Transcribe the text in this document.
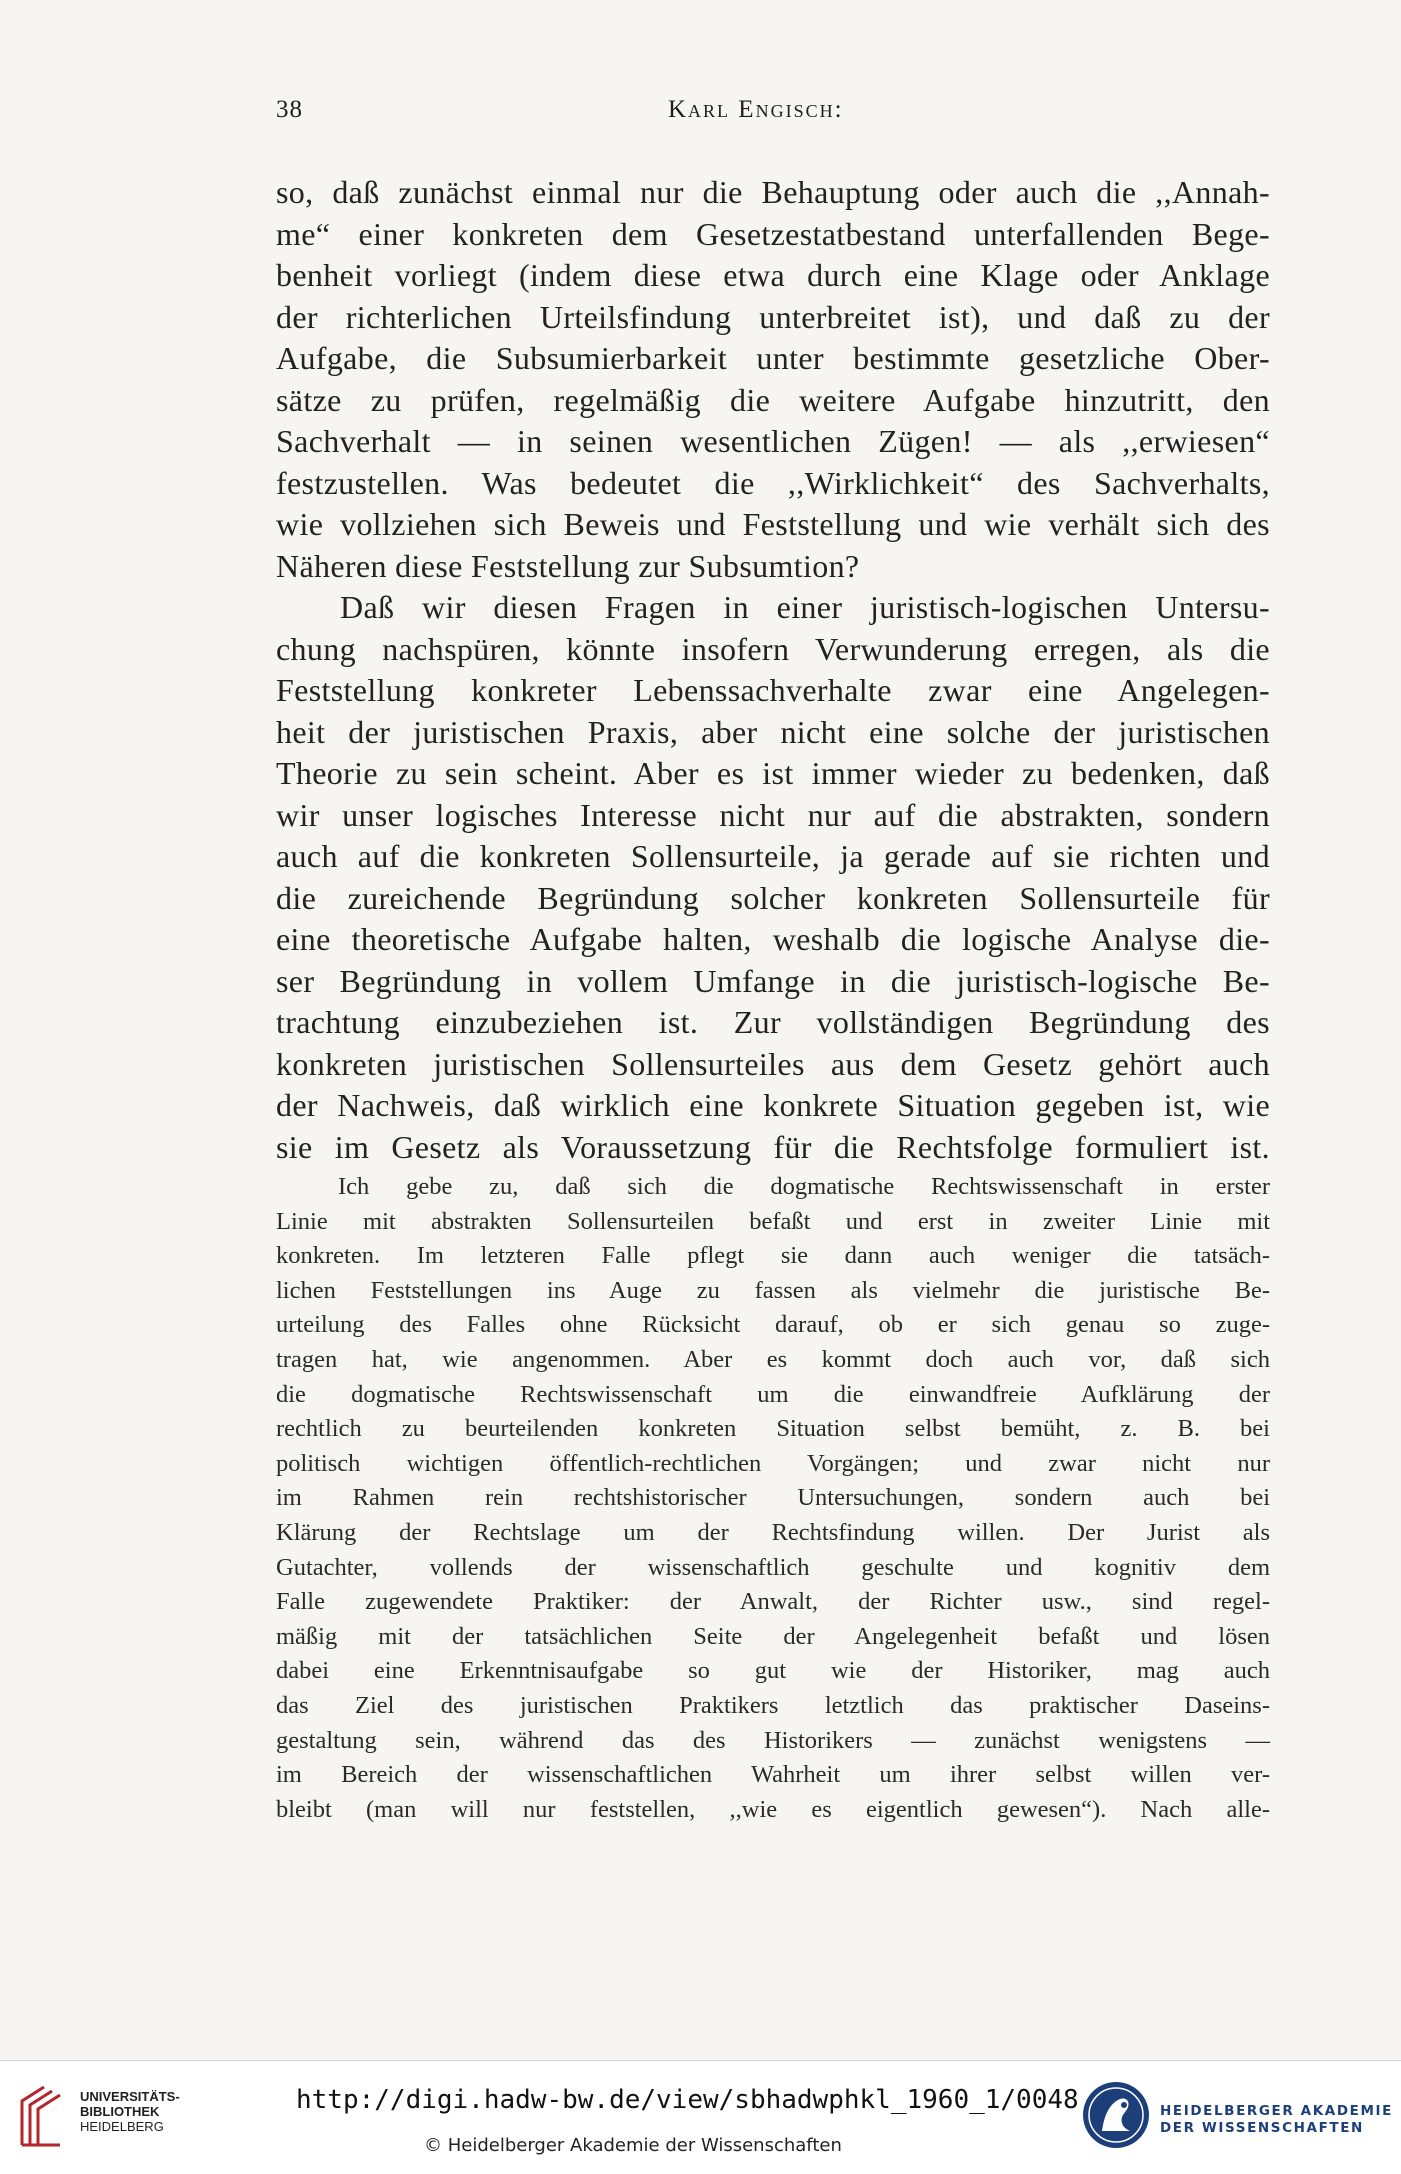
38	Karl Engisch:
so, daß zunächst einmal nur die Behauptung oder auch die ,,Annah-
me“ einer konkreten dem Gesetzestatbestand unterfallenden Bege-
benheit vorliegt (indem diese etwa durch eine Klage oder Anklage
der richterlichen Urteilsfindung unterbreitet ist), und daß zu der
Aufgabe, die Subsumierbarkeit unter bestimmte gesetzliche Ober-
sätze zu prüfen, regelmäßig die weitere Aufgabe hinzutritt, den
Sachverhalt — in seinen wesentlichen Zügen! — als ,,erwiesen“
festzustellen. Was bedeutet die ,,Wirklichkeit“ des Sachverhalts,
wie vollziehen sich Beweis und Feststellung und wie verhält sich des
Näheren diese Feststellung zur Subsumtion?
Daß wir diesen Fragen in einer juristisch-logischen Untersu-
chung nachspüren, könnte insofern Verwunderung erregen, als die
Feststellung konkreter Lebenssachverhalte zwar eine Angelegen-
heit der juristischen Praxis, aber nicht eine solche der juristischen
Theorie zu sein scheint. Aber es ist immer wieder zu bedenken, daß
wir unser logisches Interesse nicht nur auf die abstrakten, sondern
auch auf die konkreten Sollensurteile, ja gerade auf sie richten und
die zureichende Begründung solcher konkreten Sollensurteile für
eine theoretische Aufgabe halten, weshalb die logische Analyse die-
ser Begründung in vollem Umfange in die juristisch-logische Be-
trachtung einzubeziehen ist. Zur vollständigen Begründung des
konkreten juristischen Sollensurteiles aus dem Gesetz gehört auch
der Nachweis, daß wirklich eine konkrete Situation gegeben ist, wie
sie im Gesetz als Voraussetzung für die Rechtsfolge formuliert ist.
Ich gebe zu, daß sich die dogmatische Rechtswissenschaft in erster
Linie mit abstrakten Sollensurteilen befaßt und erst in zweiter Linie mit
konkreten. Im letzteren Falle pflegt sie dann auch weniger die tatsäch-
lichen Feststellungen ins Auge zu fassen als vielmehr die juristische Be-
urteilung des Falles ohne Rücksicht darauf, ob er sich genau so zuge-
tragen hat, wie angenommen. Aber es kommt doch auch vor, daß sich
die dogmatische Rechtswissenschaft um die einwandfreie Aufklärung der
rechtlich zu beurteilenden konkreten Situation selbst bemüht, z. B. bei
politisch wichtigen öffentlich-rechtlichen Vorgängen; und zwar nicht nur
im Rahmen rein rechtshistorischer Untersuchungen, sondern auch bei
Klärung der Rechtslage um der Rechtsfindung willen. Der Jurist als
Gutachter, vollends der wissenschaftlich geschulte und kognitiv dem
Falle zugewendete Praktiker: der Anwalt, der Richter usw., sind regel-
mäßig mit der tatsächlichen Seite der Angelegenheit befaßt und lösen
dabei eine Erkenntnisaufgabe so gut wie der Historiker, mag auch
das Ziel des juristischen Praktikers letztlich das praktischer Daseins-
gestaltung sein, während das des Historikers — zunächst wenigstens —
im Bereich der wissenschaftlichen Wahrheit um ihrer selbst willen ver-
bleibt (man will nur feststellen, ,,wie es eigentlich gewesen“). Nach alle-
UNIVERSITÄTS-
BIBLIOTHEK
HEIDELBERG
http://digi.hadw-bw.de/view/sbhadwphkl_1960_1/0048
© Heidelberger Akademie der Wissenschaften
HEIDELBERGER AKADEMIE
DER WISSENSCHAFTEN
